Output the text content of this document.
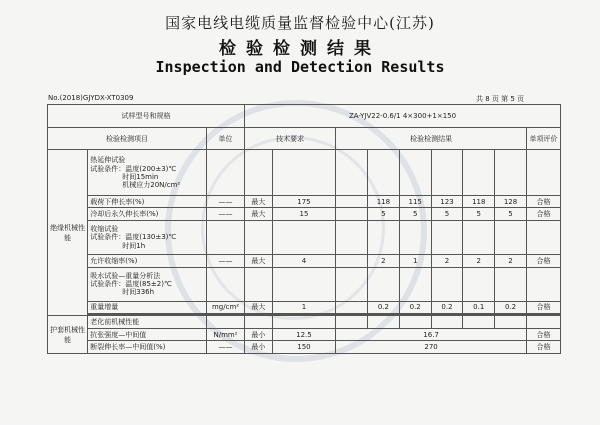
国家电线电缆质量监督检验中心(江苏)
检验检测结果
Inspection and Detection Results
No.(2018)GJYDX-XT0309	共 8 页 第 5 页
试样型号和规格			ZA-YJV22-0.6/1 4×300+1×150								
检验检测项目		单位	技术要求		检验检测结果						单项评价
绝缘机械性能	热延伸试验
试验条件：温度(200±3)℃
时间15min
机械应力20N/cm²										

	载荷下伸长率(%)	——	最大	175		118	115	123	118	128	合格
	冷却后永久伸长率(%)	——	最大	15		5	5	5	5	5	合格

	收缩试验
试验条件：温度(130±3)℃
时间1h										

	允许收缩率(%)	——	最大	4		2	1	2	2	2	合格

	吸水试验—重量分析法
试验条件：温度(85±2)℃
时间336h										

	重量增量	mg/cm²	最大	1		0.2	0.2	0.2	0.1	0.2	合格

护套机械性能	老化前机械性能										
	抗张强度—中间值	N/mm²	最小	12.5	16.7						合格
	断裂伸长率—中间值(%)	——	最小	150	270						合格
